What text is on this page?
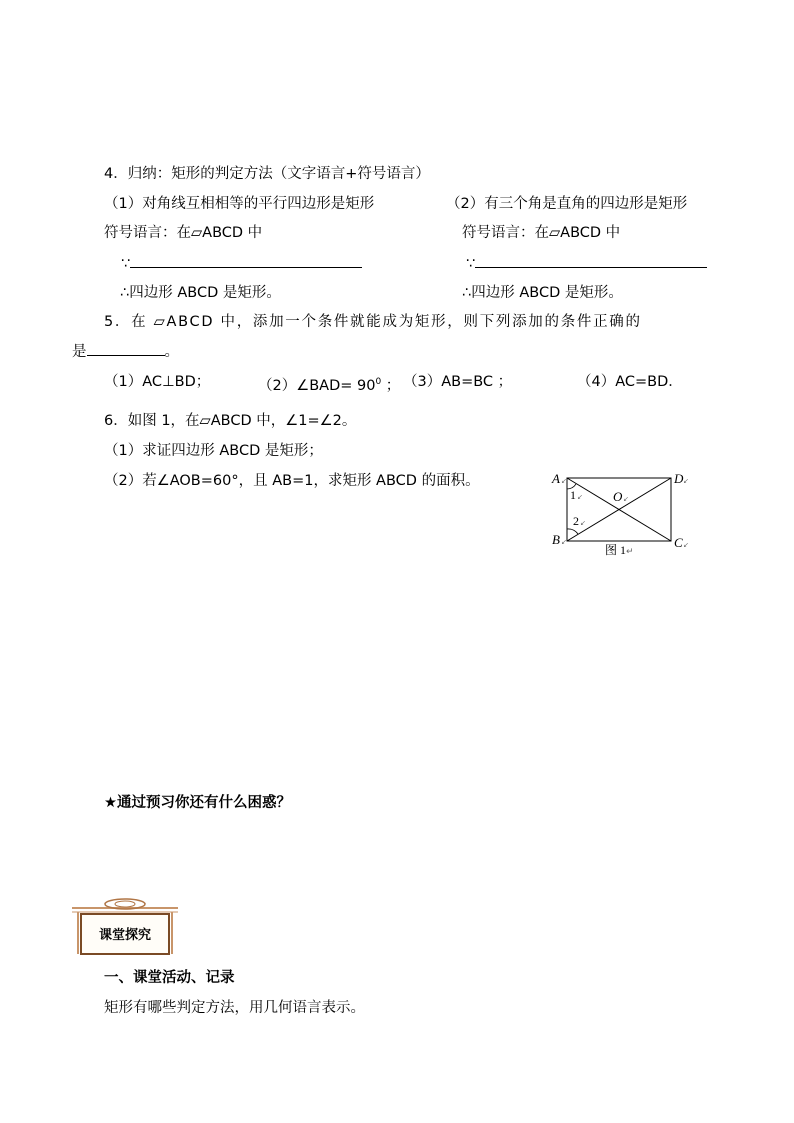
4．归纳：矩形的判定方法（文字语言+符号语言）
（1）对角线互相相等的平行四边形是矩形	（2）有三个角是直角的四边形是矩形
符号语言：在▱ABCD 中	符号语言：在▱ABCD 中
∵	∵
∴四边形 ABCD 是矩形。	∴四边形 ABCD 是矩形。
5．在 ▱ABCD 中，添加一个条件就能成为矩形，则下列添加的条件正确的
是	。
（1）AC⊥BD；	（2）∠BAD= $90^0$ ； （3）AB=BC ；	（4）AC=BD．
6．如图 1，在▱ABCD 中，∠1=∠2。
（1）求证四边形 ABCD 是矩形；
（2）若∠AOB=60°，且 AB=1，求矩形 ABCD 的面积。	A ↙	D ↙
B ↙	C ↙
O ↙
1 ↙
2 ↙
图 1 ↵
★通过预习你还有什么困惑？
课堂探究
一、课堂活动、记录
矩形有哪些判定方法，用几何语言表示。
